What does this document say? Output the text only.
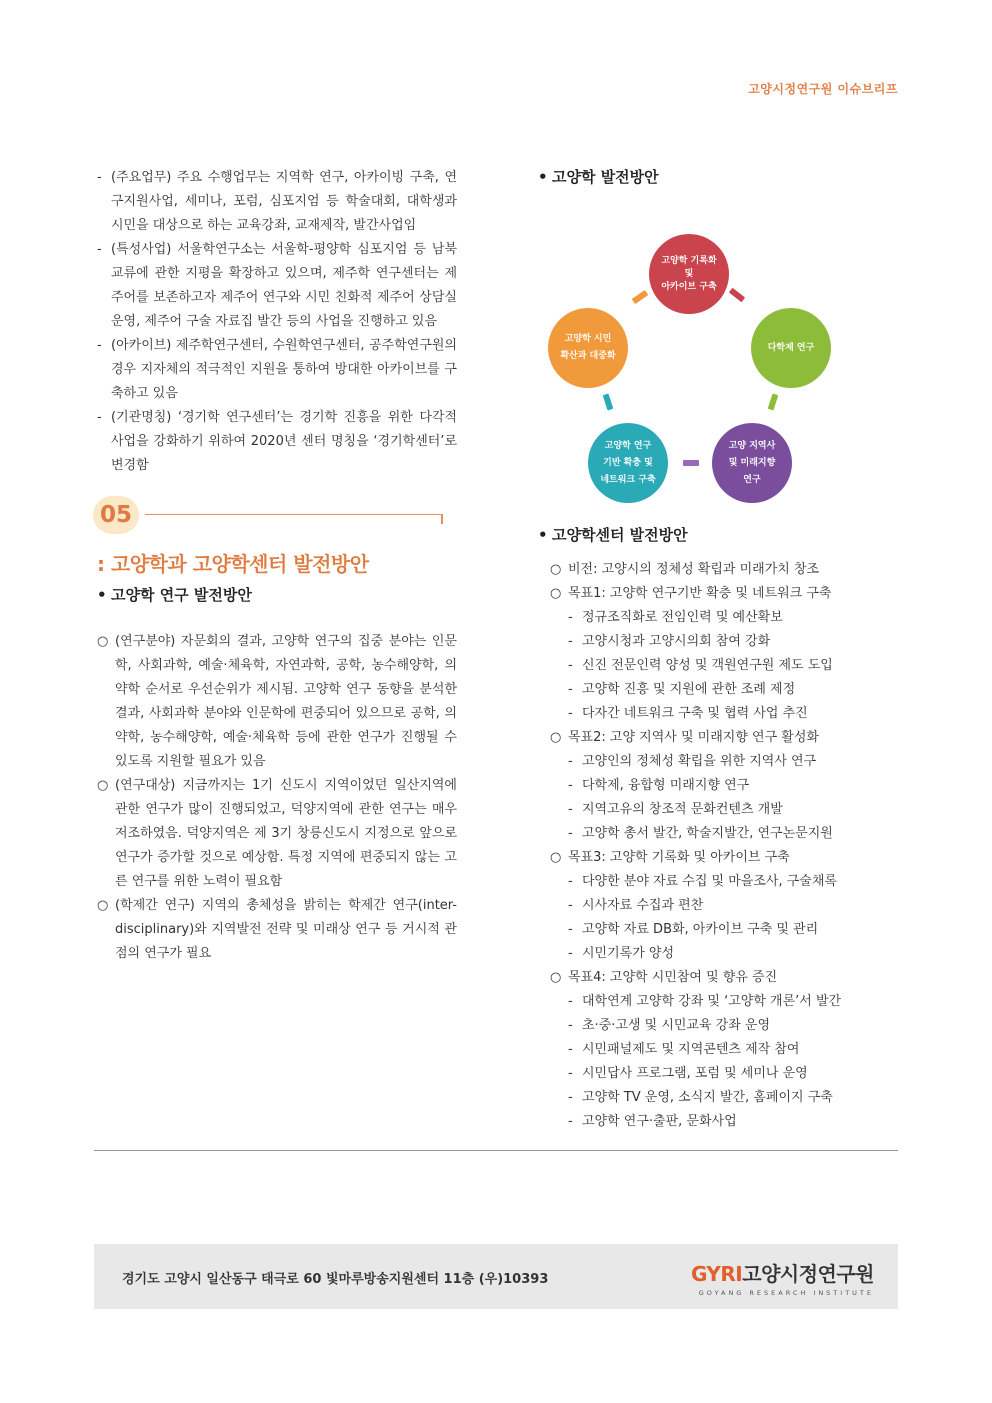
고양시정연구원 이슈브리프
- (주요업무) 주요 수행업무는 지역학 연구, 아카이빙 구축, 연구지원사업, 세미나, 포럼, 심포지엄 등 학술대회, 대학생과 시민을 대상으로 하는 교육강좌, 교재제작, 발간사업임
- (특성사업) 서울학연구소는 서울학-평양학 심포지엄 등 남북교류에 관한 지평을 확장하고 있으며, 제주학 연구센터는 제주어를 보존하고자 제주어 연구와 시민 친화적 제주어 상담실 운영, 제주어 구술 자료집 발간 등의 사업을 진행하고 있음
- (아카이브) 제주학연구센터, 수원학연구센터, 공주학연구원의 경우 지자체의 적극적인 지원을 통하여 방대한 아카이브를 구축하고 있음
- (기관명칭) ‘경기학 연구센터’는 경기학 진흥을 위한 다각적 사업을 강화하기 위하여 2020년 센터 명칭을 ‘경기학센터’로 변경함
05
: 고양학과 고양학센터 발전방안
• 고양학 연구 발전방안
○ (연구분야) 자문회의 결과, 고양학 연구의 집중 분야는 인문학, 사회과학, 예술·체육학, 자연과학, 공학, 농수해양학, 의약학 순서로 우선순위가 제시됨. 고양학 연구 동향을 분석한 결과, 사회과학 분야와 인문학에 편중되어 있으므로 공학, 의약학, 농수해양학, 예술·체육학 등에 관한 연구가 진행될 수 있도록 지원할 필요가 있음
○ (연구대상) 지금까지는 1기 신도시 지역이었던 일산지역에 관한 연구가 많이 진행되었고, 덕양지역에 관한 연구는 매우 저조하였음. 덕양지역은 제 3기 창릉신도시 지정으로 앞으로 연구가 증가할 것으로 예상함. 특정 지역에 편중되지 않는 고른 연구를 위한 노력이 필요함
○ (학제간 연구) 지역의 총체성을 밝히는 학제간 연구(inter-disciplinary)와 지역발전 전략 및 미래상 연구 등 거시적 관점의 연구가 필요
• 고양학 발전방안
고양학 기록화
및
아카이브 구축
다학제 연구
고양 지역사
및 미래지향
연구
고양학 연구
기반 확충 및
네트워크 구축
고양학 시민
확산과 대중화
• 고양학센터 발전방안
○ 비전: 고양시의 정체성 확립과 미래가치 창조
○ 목표1: 고양학 연구기반 확충 및 네트워크 구축
- 정규조직화로 전임인력 및 예산확보
- 고양시청과 고양시의회 참여 강화
- 신진 전문인력 양성 및 객원연구원 제도 도입
- 고양학 진흥 및 지원에 관한 조례 제정
- 다자간 네트워크 구축 및 협력 사업 추진
○ 목표2: 고양 지역사 및 미래지향 연구 활성화
- 고양인의 정체성 확립을 위한 지역사 연구
- 다학제, 융합형 미래지향 연구
- 지역고유의 창조적 문화컨텐츠 개발
- 고양학 총서 발간, 학술지발간, 연구논문지원
○ 목표3: 고양학 기록화 및 아카이브 구축
- 다양한 분야 자료 수집 및 마을조사, 구술채록
- 시사자료 수집과 편찬
- 고양학 자료 DB화, 아카이브 구축 및 관리
- 시민기록가 양성
○ 목표4: 고양학 시민참여 및 향유 증진
- 대학연계 고양학 강좌 및 ‘고양학 개론’서 발간
- 초·중·고생 및 시민교육 강좌 운영
- 시민패널제도 및 지역콘텐츠 제작 참여
- 시민답사 프로그램, 포럼 및 세미나 운영
- 고양학 TV 운영, 소식지 발간, 홈페이지 구축
- 고양학 연구·출판, 문화사업
경기도 고양시 일산동구 태극로 60 빛마루방송지원센터 11층 (우)10393	GYRI고양시정연구원
GOYANG RESEARCH INSTITUTE
